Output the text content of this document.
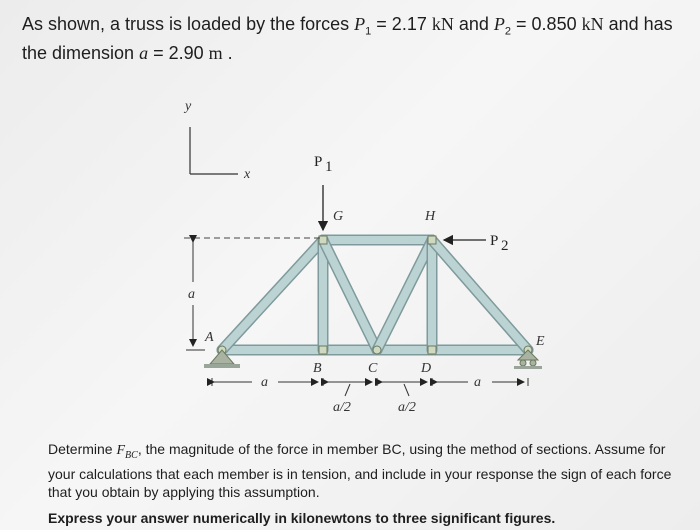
As shown, a truss is loaded by the forces $P_1 = 2.17$ kN and $P_2 = 0.850$ kN and has the dimension a = 2.90 m .
y
x
a
P 1
P 2
A
B	C	D
E
G	H
a	a
a/2	a/2
Determine $F_{BC}$, the magnitude of the force in member BC, using the method of sections. Assume for your calculations that each member is in tension, and include in your response the sign of each force that you obtain by applying this assumption.
Express your answer numerically in kilonewtons to three significant figures.
